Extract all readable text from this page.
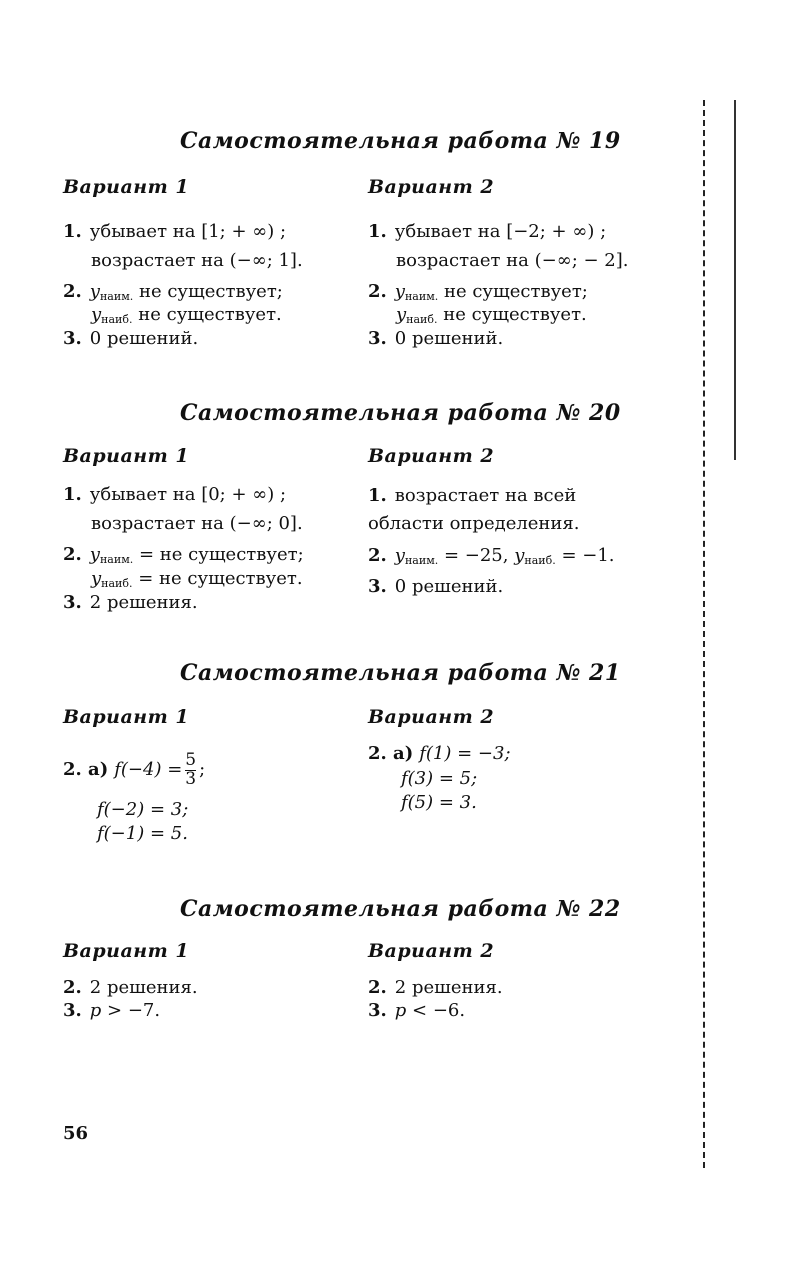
Самостоятельная работа № 19
Вариант 1
1. убывает на [1; + ∞) ;
возрастает на (−∞; 1].
2. $y_{наим.}$ не существует;
$y_{наиб.}$ не существует.
3. 0 решений.
Вариант 2
1. убывает на [−2; + ∞) ;
возрастает на (−∞; − 2].
2. $y_{наим.}$ не существует;
$y_{наиб.}$ не существует.
3. 0 решений.
Самостоятельная работа № 20
Вариант 1
1. убывает на [0; + ∞) ;
возрастает на (−∞; 0].
2. $y_{наим.}$ = не существует;
$y_{наиб.}$ = не существует.
3. 2 решения.
Вариант 2
1. возрастает на всей
области определения.
2. $y_{наим.} = -25$, $y_{наиб.} = -1$.
3. 0 решений.
Самостоятельная работа № 21
Вариант 1
2. а) $f(-4) = \frac{5}{3}$ ;
f(−2) = 3;
f(−1) = 5.
Вариант 2
2. а) f(1) = −3;
f(3) = 5;
f(5) = 3.
Самостоятельная работа № 22
Вариант 1
2. 2 решения.
3. p > −7.
Вариант 2
2. 2 решения.
3. p < −6.
56
